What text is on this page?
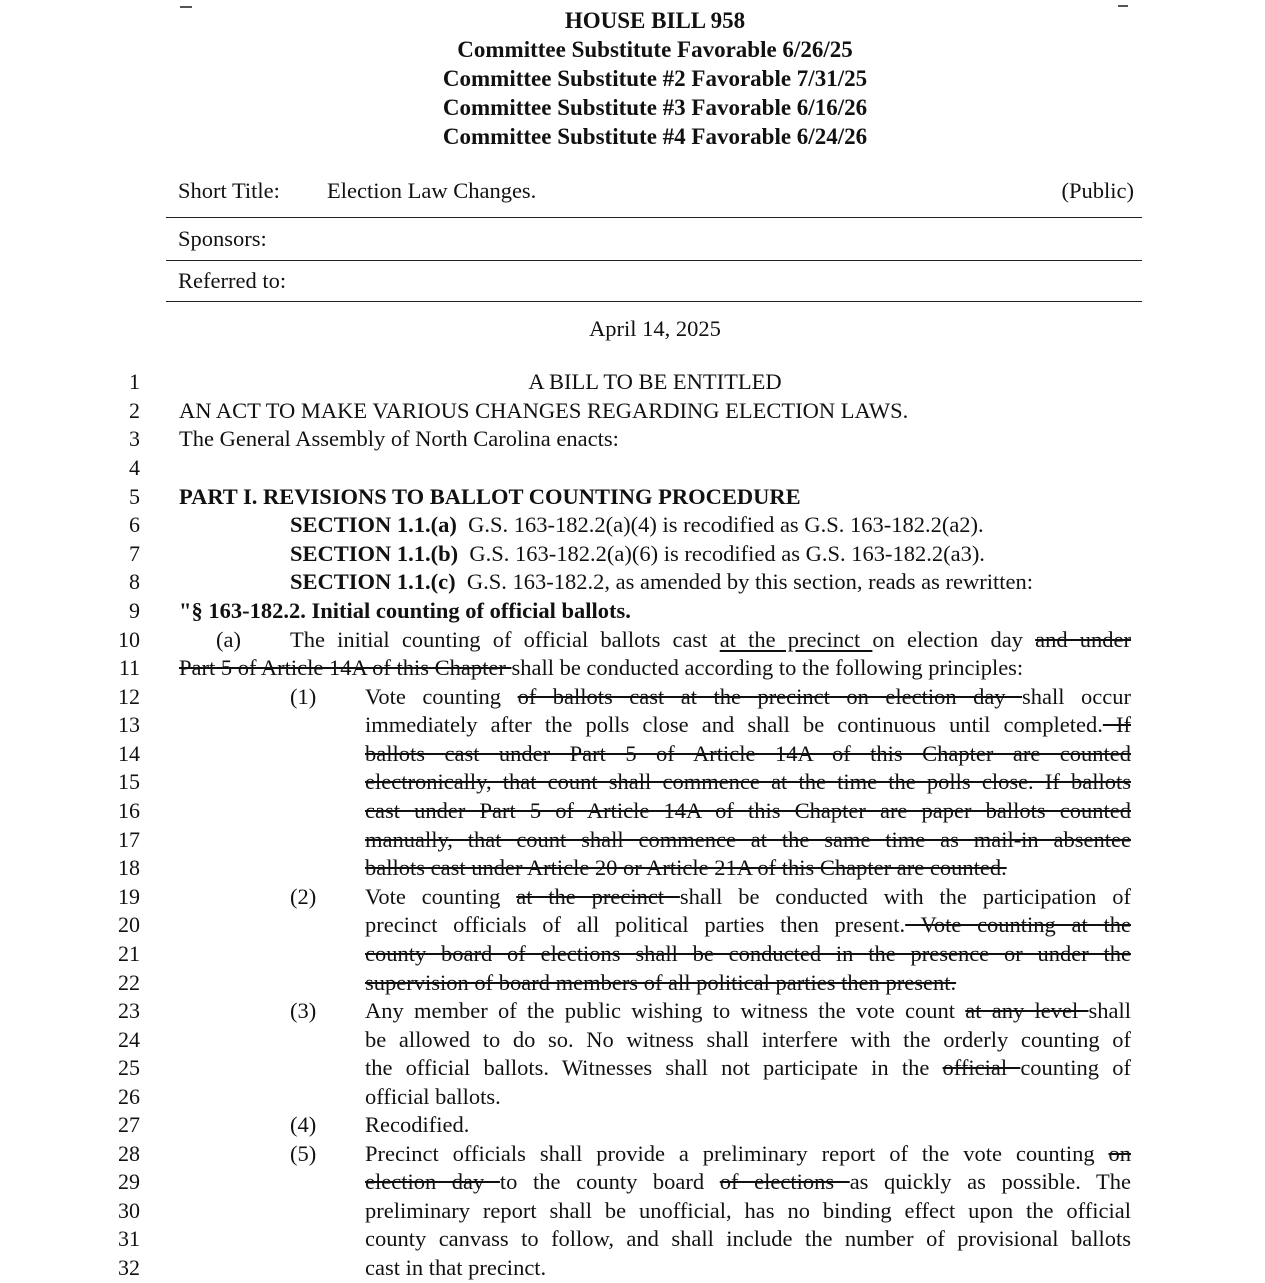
HOUSE BILL 958
Committee Substitute Favorable 6/26/25
Committee Substitute #2 Favorable 7/31/25
Committee Substitute #3 Favorable 6/16/26
Committee Substitute #4 Favorable 6/24/26
Short Title: Election Law Changes.	(Public)
Sponsors:
Referred to:
April 14, 2025
1
2
3
4
5
6
7
8
9
10
11
12
13
14
15
16
17
18
19
20
21
22
23
24
25
26
27
28
29
30
31
32
A BILL TO BE ENTITLED
AN ACT TO MAKE VARIOUS CHANGES REGARDING ELECTION LAWS.
The General Assembly of North Carolina enacts:
PART I. REVISIONS TO BALLOT COUNTING PROCEDURE
SECTION 1.1.(a) G.S. 163-182.2(a)(4) is recodified as G.S. 163-182.2(a2).
SECTION 1.1.(b) G.S. 163-182.2(a)(6) is recodified as G.S. 163-182.2(a3).
SECTION 1.1.(c) G.S. 163-182.2, as amended by this section, reads as rewritten:
"§ 163-182.2. Initial counting of official ballots.
(a) The initial counting of official ballots cast at the precinct on election day and under
Part 5 of Article 14A of this Chapter shall be conducted according to the following principles:
(1) Vote counting of ballots cast at the precinct on election day shall occur
immediately after the polls close and shall be continuous until completed. If
ballots cast under Part 5 of Article 14A of this Chapter are counted
electronically, that count shall commence at the time the polls close. If ballots
cast under Part 5 of Article 14A of this Chapter are paper ballots counted
manually, that count shall commence at the same time as mail-in absentee
ballots cast under Article 20 or Article 21A of this Chapter are counted.
(2) Vote counting at the precinct shall be conducted with the participation of
precinct officials of all political parties then present. Vote counting at the
county board of elections shall be conducted in the presence or under the
supervision of board members of all political parties then present.
(3) Any member of the public wishing to witness the vote count at any level shall
be allowed to do so. No witness shall interfere with the orderly counting of
the official ballots. Witnesses shall not participate in the official counting of
official ballots.
(4) Recodified.
(5) Precinct officials shall provide a preliminary report of the vote counting on
election day to the county board of elections as quickly as possible. The
preliminary report shall be unofficial, has no binding effect upon the official
county canvass to follow, and shall include the number of provisional ballots
cast in that precinct.
